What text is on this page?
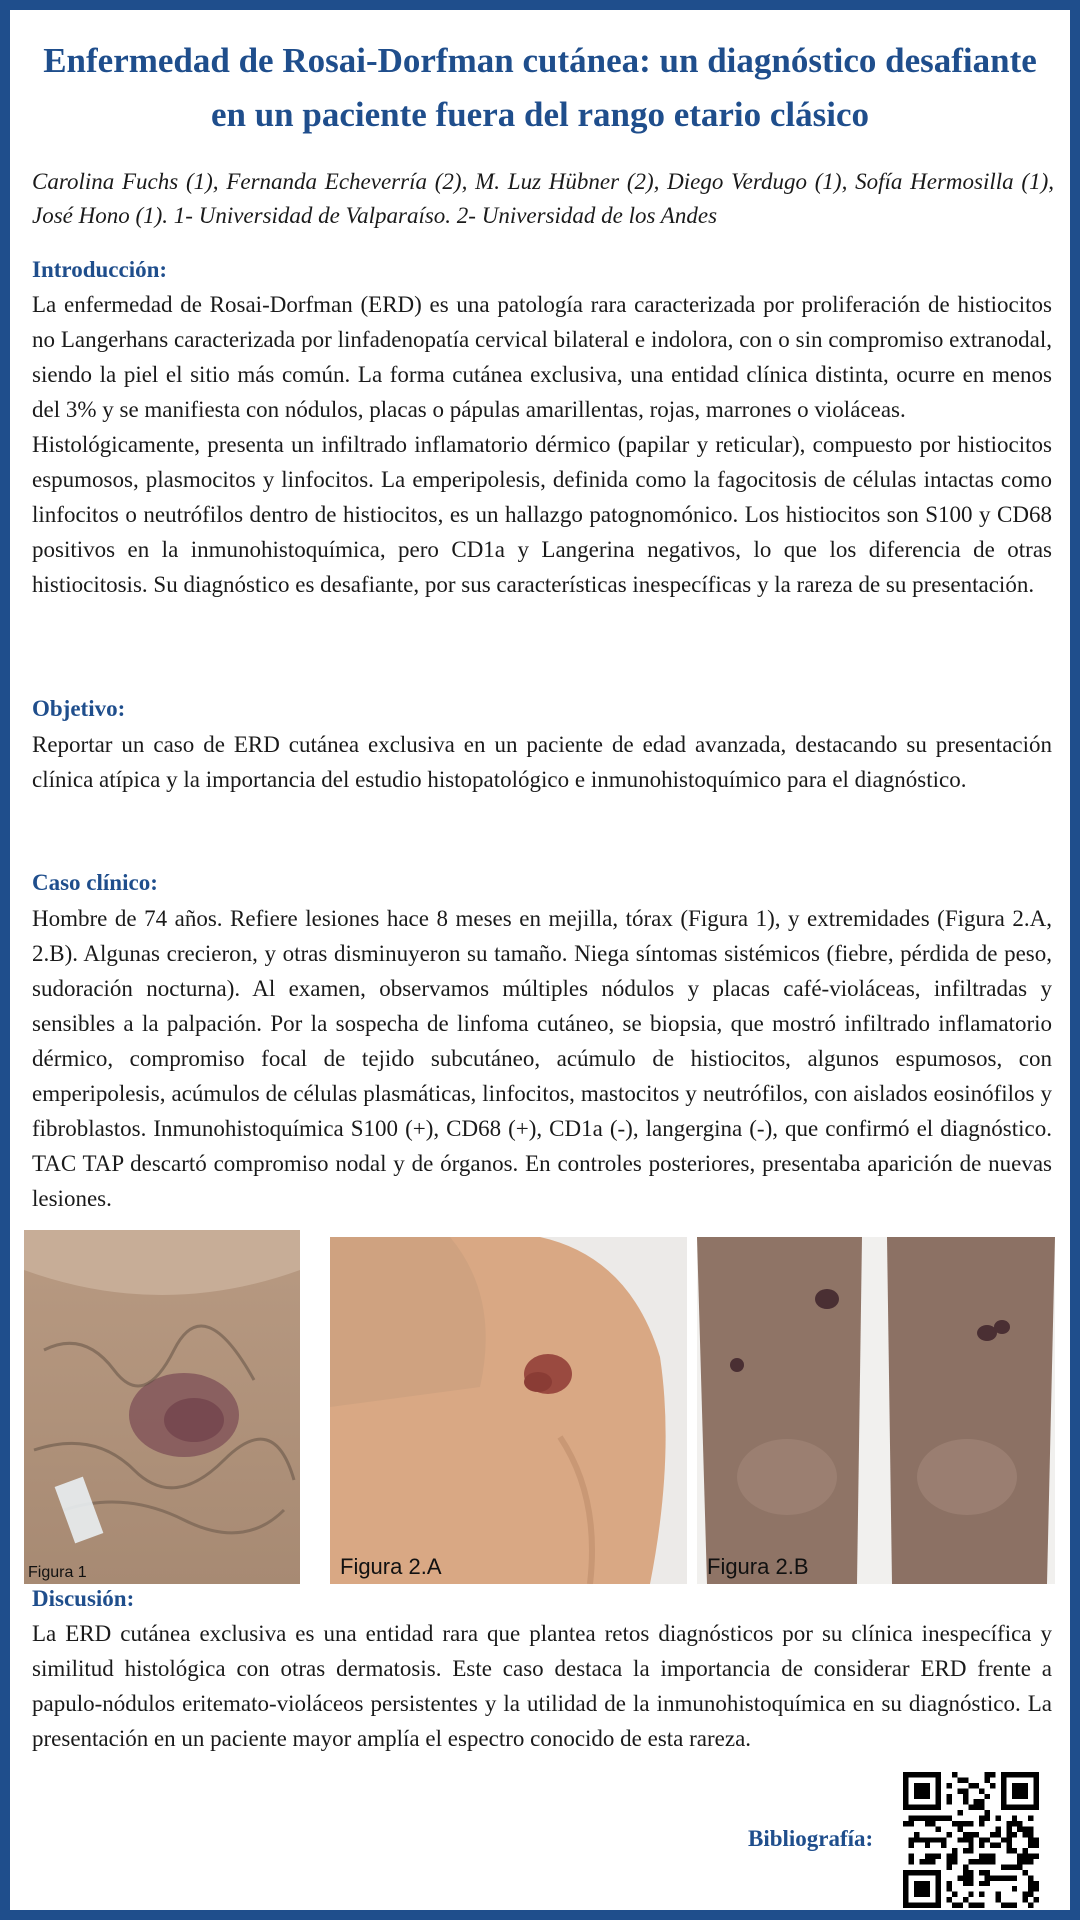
Enfermedad de Rosai-Dorfman cutánea: un diagnóstico desafiante en un paciente fuera del rango etario clásico
Carolina Fuchs (1), Fernanda Echeverría (2), M. Luz Hübner (2), Diego Verdugo (1), Sofía Hermosilla (1), José Hono (1). 1- Universidad de Valparaíso. 2- Universidad de los Andes
Introducción:

La enfermedad de Rosai-Dorfman (ERD) es una patología rara caracterizada por proliferación de histiocitos no Langerhans caracterizada por linfadenopatía cervical bilateral e indolora, con o sin compromiso extranodal, siendo la piel el sitio más común. La forma cutánea exclusiva, una entidad clínica distinta, ocurre en menos del 3% y se manifiesta con nódulos, placas o pápulas amarillentas, rojas, marrones o violáceas.

Histológicamente, presenta un infiltrado inflamatorio dérmico (papilar y reticular), compuesto por histiocitos espumosos, plasmocitos y linfocitos. La emperipolesis, definida como la fagocitosis de células intactas como linfocitos o neutrófilos dentro de histiocitos, es un hallazgo patognomónico. Los histiocitos son S100 y CD68 positivos en la inmunohistoquímica, pero CD1a y Langerina negativos, lo que los diferencia de otras histiocitosis. Su diagnóstico es desafiante, por sus características inespecíficas y la rareza de su presentación.

Objetivo:

Reportar un caso de ERD cutánea exclusiva en un paciente de edad avanzada, destacando su presentación clínica atípica y la importancia del estudio histopatológico e inmunohistoquímico para el diagnóstico.

Caso clínico:

Hombre de 74 años. Refiere lesiones hace 8 meses en mejilla, tórax (Figura 1), y extremidades (Figura 2.A, 2.B). Algunas crecieron, y otras disminuyeron su tamaño. Niega síntomas sistémicos (fiebre, pérdida de peso, sudoración nocturna). Al examen, observamos múltiples nódulos y placas café-violáceas, infiltradas y sensibles a la palpación. Por la sospecha de linfoma cutáneo, se biopsia, que mostró infiltrado inflamatorio dérmico, compromiso focal de tejido subcutáneo, acúmulo de histiocitos, algunos espumosos, con emperipolesis, acúmulos de células plasmáticas, linfocitos, mastocitos y neutrófilos, con aislados eosinófilos y fibroblastos. Inmunohistoquímica S100 (+), CD68 (+), CD1a (-), langergina (-), que confirmó el diagnóstico. TAC TAP descartó compromiso nodal y de órganos. En controles posteriores, presentaba aparición de nuevas lesiones.

Figura 1	Figura 2.A	Figura 2.B
Discusión:

La ERD cutánea exclusiva es una entidad rara que plantea retos diagnósticos por su clínica inespecífica y similitud histológica con otras dermatosis. Este caso destaca la importancia de considerar ERD frente a papulo-nódulos eritemato-violáceos persistentes y la utilidad de la inmunohistoquímica en su diagnóstico. La presentación en un paciente mayor amplía el espectro conocido de esta rareza.

Bibliografía:
